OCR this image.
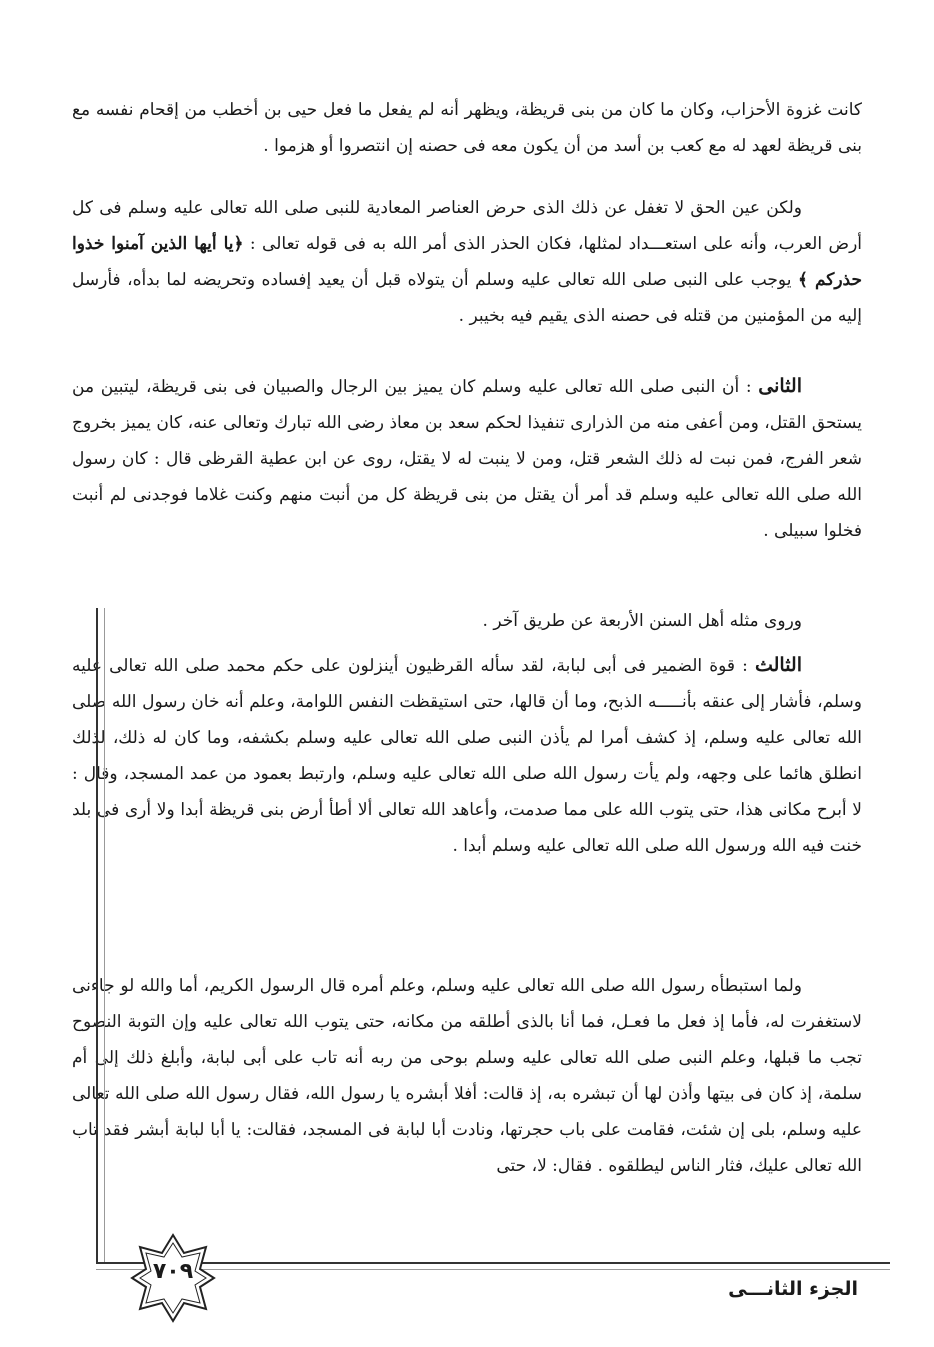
كانت غزوة الأحزاب، وكان ما كان من بنى قريظة، ويظهر أنه لم يفعل ما فعل حيى بن أخطب من إقحام نفسه مع بنى قريظة لعهد له مع كعب بن أسد من أن يكون معه فى حصنه إن انتصروا أو هزموا .

ولكن عين الحق لا تغفل عن ذلك الذى حرض العناصر المعادية للنبى صلى الله تعالى عليه وسلم فى كل أرض العرب، وأنه على استعـــداد لمثلها، فكان الحذر الذى أمر الله به فى قوله تعالى : ﴿يا أيها الذين آمنوا خذوا حذركم ﴾ يوجب على النبى صلى الله تعالى عليه وسلم أن يتولاه قبل أن يعيد إفساده وتحريضه لما بدأه، فأرسل إليه من المؤمنين من قتله فى حصنه الذى يقيم فيه بخيبر .

الثانى : أن النبى صلى الله تعالى عليه وسلم كان يميز بين الرجال والصبيان فى بنى قريظة، ليتبين من يستحق القتل، ومن أعفى منه من الذرارى تنفيذا لحكم سعد بن معاذ رضى الله تبارك وتعالى عنه، كان يميز بخروج شعر الفرج، فمن نبت له ذلك الشعر قتل، ومن لا ينبت له لا يقتل، روى عن ابن عطية القرظى قال : كان رسول الله صلى الله تعالى عليه وسلم قد أمر أن يقتل من بنى قريظة كل من أنبت منهم وكنت غلاما فوجدنى لم أنبت فخلوا سبيلى .

وروى مثله أهل السنن الأربعة عن طريق آخر .

الثالث : قوة الضمير فى أبى لبابة، لقد سأله القرظيون أينزلون على حكم محمد صلى الله تعالى عليه وسلم، فأشار إلى عنقه بأنـــــه الذبح، وما أن قالها، حتى استيقظت النفس اللوامة، وعلم أنه خان رسول الله صلى الله تعالى عليه وسلم، إذ كشف أمرا لم يأذن النبى صلى الله تعالى عليه وسلم بكشفه، وما كان له ذلك، لذلك انطلق هائما على وجهه، ولم يأت رسول الله صلى الله تعالى عليه وسلم، وارتبط بعمود من عمد المسجد، وقال : لا أبرح مكانى هذا، حتى يتوب الله على مما صدمت، وأعاهد الله تعالى ألا أطأ أرض بنى قريظة أبدا ولا أرى فى بلد خنت فيه الله ورسول الله صلى الله تعالى عليه وسلم أبدا .

ولما استبطأه رسول الله صلى الله تعالى عليه وسلم، وعلم أمره قال الرسول الكريم، أما والله لو جاءنى لاستغفرت له، فأما إذ فعل ما فعـل، فما أنا بالذى أطلقه من مكانه، حتى يتوب الله تعالى عليه وإن التوبة النصوح تجب ما قبلها، وعلم النبى صلى الله تعالى عليه وسلم بوحى من ربه أنه تاب على أبى لبابة، وأبلغ ذلك إلى أم سلمة، إذ كان فى بيتها وأذن لها أن تبشره به، إذ قالت: أفلا أبشره يا رسول الله، فقال رسول الله صلى الله تعالى عليه وسلم، بلى إن شئت، فقامت على باب حجرتها، ونادت أبا لبابة فى المسجد، فقالت: يا أبا لبابة أبشر فقد تاب الله تعالى عليك، فثار الناس ليطلقوه . فقال: لا، حتى

٧٠٩
الجزء الثانـــى
